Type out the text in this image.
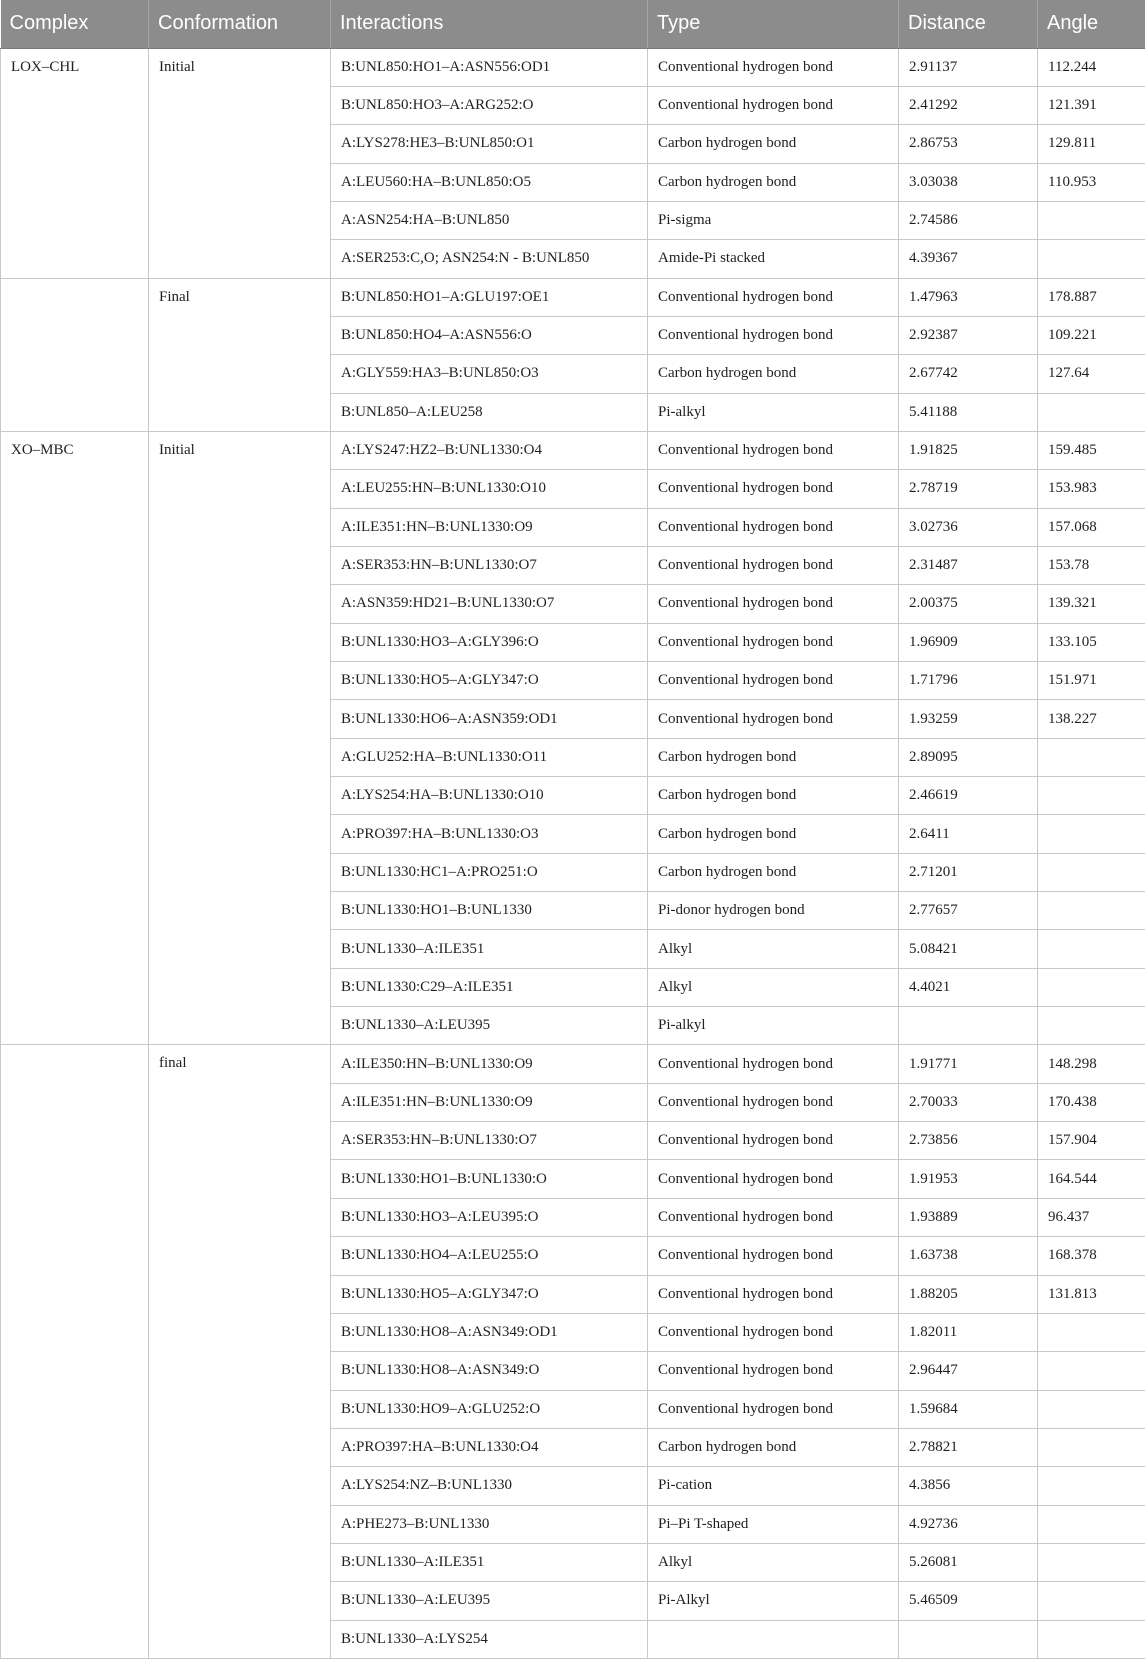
Complex	Conformation	Interactions	Type	Distance	Angle
LOX–CHL	Initial	B:UNL850:HO1–A:ASN556:OD1	Conventional hydrogen bond	2.91137	112.244
		B:UNL850:HO3–A:ARG252:O	Conventional hydrogen bond	2.41292	121.391
		A:LYS278:HE3–B:UNL850:O1	Carbon hydrogen bond	2.86753	129.811
		A:LEU560:HA–B:UNL850:O5	Carbon hydrogen bond	3.03038	110.953
		A:ASN254:HA–B:UNL850	Pi-sigma	2.74586	
		A:SER253:C,O; ASN254:N - B:UNL850	Amide-Pi stacked	4.39367	
	Final	B:UNL850:HO1–A:GLU197:OE1	Conventional hydrogen bond	1.47963	178.887
		B:UNL850:HO4–A:ASN556:O	Conventional hydrogen bond	2.92387	109.221
		A:GLY559:HA3–B:UNL850:O3	Carbon hydrogen bond	2.67742	127.64
		B:UNL850–A:LEU258	Pi-alkyl	5.41188	
XO–MBC	Initial	A:LYS247:HZ2–B:UNL1330:O4	Conventional hydrogen bond	1.91825	159.485
		A:LEU255:HN–B:UNL1330:O10	Conventional hydrogen bond	2.78719	153.983
		A:ILE351:HN–B:UNL1330:O9	Conventional hydrogen bond	3.02736	157.068
		A:SER353:HN–B:UNL1330:O7	Conventional hydrogen bond	2.31487	153.78
		A:ASN359:HD21–B:UNL1330:O7	Conventional hydrogen bond	2.00375	139.321
		B:UNL1330:HO3–A:GLY396:O	Conventional hydrogen bond	1.96909	133.105
		B:UNL1330:HO5–A:GLY347:O	Conventional hydrogen bond	1.71796	151.971
		B:UNL1330:HO6–A:ASN359:OD1	Conventional hydrogen bond	1.93259	138.227
		A:GLU252:HA–B:UNL1330:O11	Carbon hydrogen bond	2.89095	
		A:LYS254:HA–B:UNL1330:O10	Carbon hydrogen bond	2.46619	
		A:PRO397:HA–B:UNL1330:O3	Carbon hydrogen bond	2.6411	
		B:UNL1330:HC1–A:PRO251:O	Carbon hydrogen bond	2.71201	
		B:UNL1330:HO1–B:UNL1330	Pi-donor hydrogen bond	2.77657	
		B:UNL1330–A:ILE351	Alkyl	5.08421	
		B:UNL1330:C29–A:ILE351	Alkyl	4.4021	
		B:UNL1330–A:LEU395	Pi-alkyl		
	final	A:ILE350:HN–B:UNL1330:O9	Conventional hydrogen bond	1.91771	148.298
		A:ILE351:HN–B:UNL1330:O9	Conventional hydrogen bond	2.70033	170.438
		A:SER353:HN–B:UNL1330:O7	Conventional hydrogen bond	2.73856	157.904
		B:UNL1330:HO1–B:UNL1330:O	Conventional hydrogen bond	1.91953	164.544
		B:UNL1330:HO3–A:LEU395:O	Conventional hydrogen bond	1.93889	96.437
		B:UNL1330:HO4–A:LEU255:O	Conventional hydrogen bond	1.63738	168.378
		B:UNL1330:HO5–A:GLY347:O	Conventional hydrogen bond	1.88205	131.813
		B:UNL1330:HO8–A:ASN349:OD1	Conventional hydrogen bond	1.82011	
		B:UNL1330:HO8–A:ASN349:O	Conventional hydrogen bond	2.96447	
		B:UNL1330:HO9–A:GLU252:O	Conventional hydrogen bond	1.59684	
		A:PRO397:HA–B:UNL1330:O4	Carbon hydrogen bond	2.78821	
		A:LYS254:NZ–B:UNL1330	Pi-cation	4.3856	
		A:PHE273–B:UNL1330	Pi–Pi T-shaped	4.92736	
		B:UNL1330–A:ILE351	Alkyl	5.26081	
		B:UNL1330–A:LEU395	Pi-Alkyl	5.46509	
		B:UNL1330–A:LYS254			
